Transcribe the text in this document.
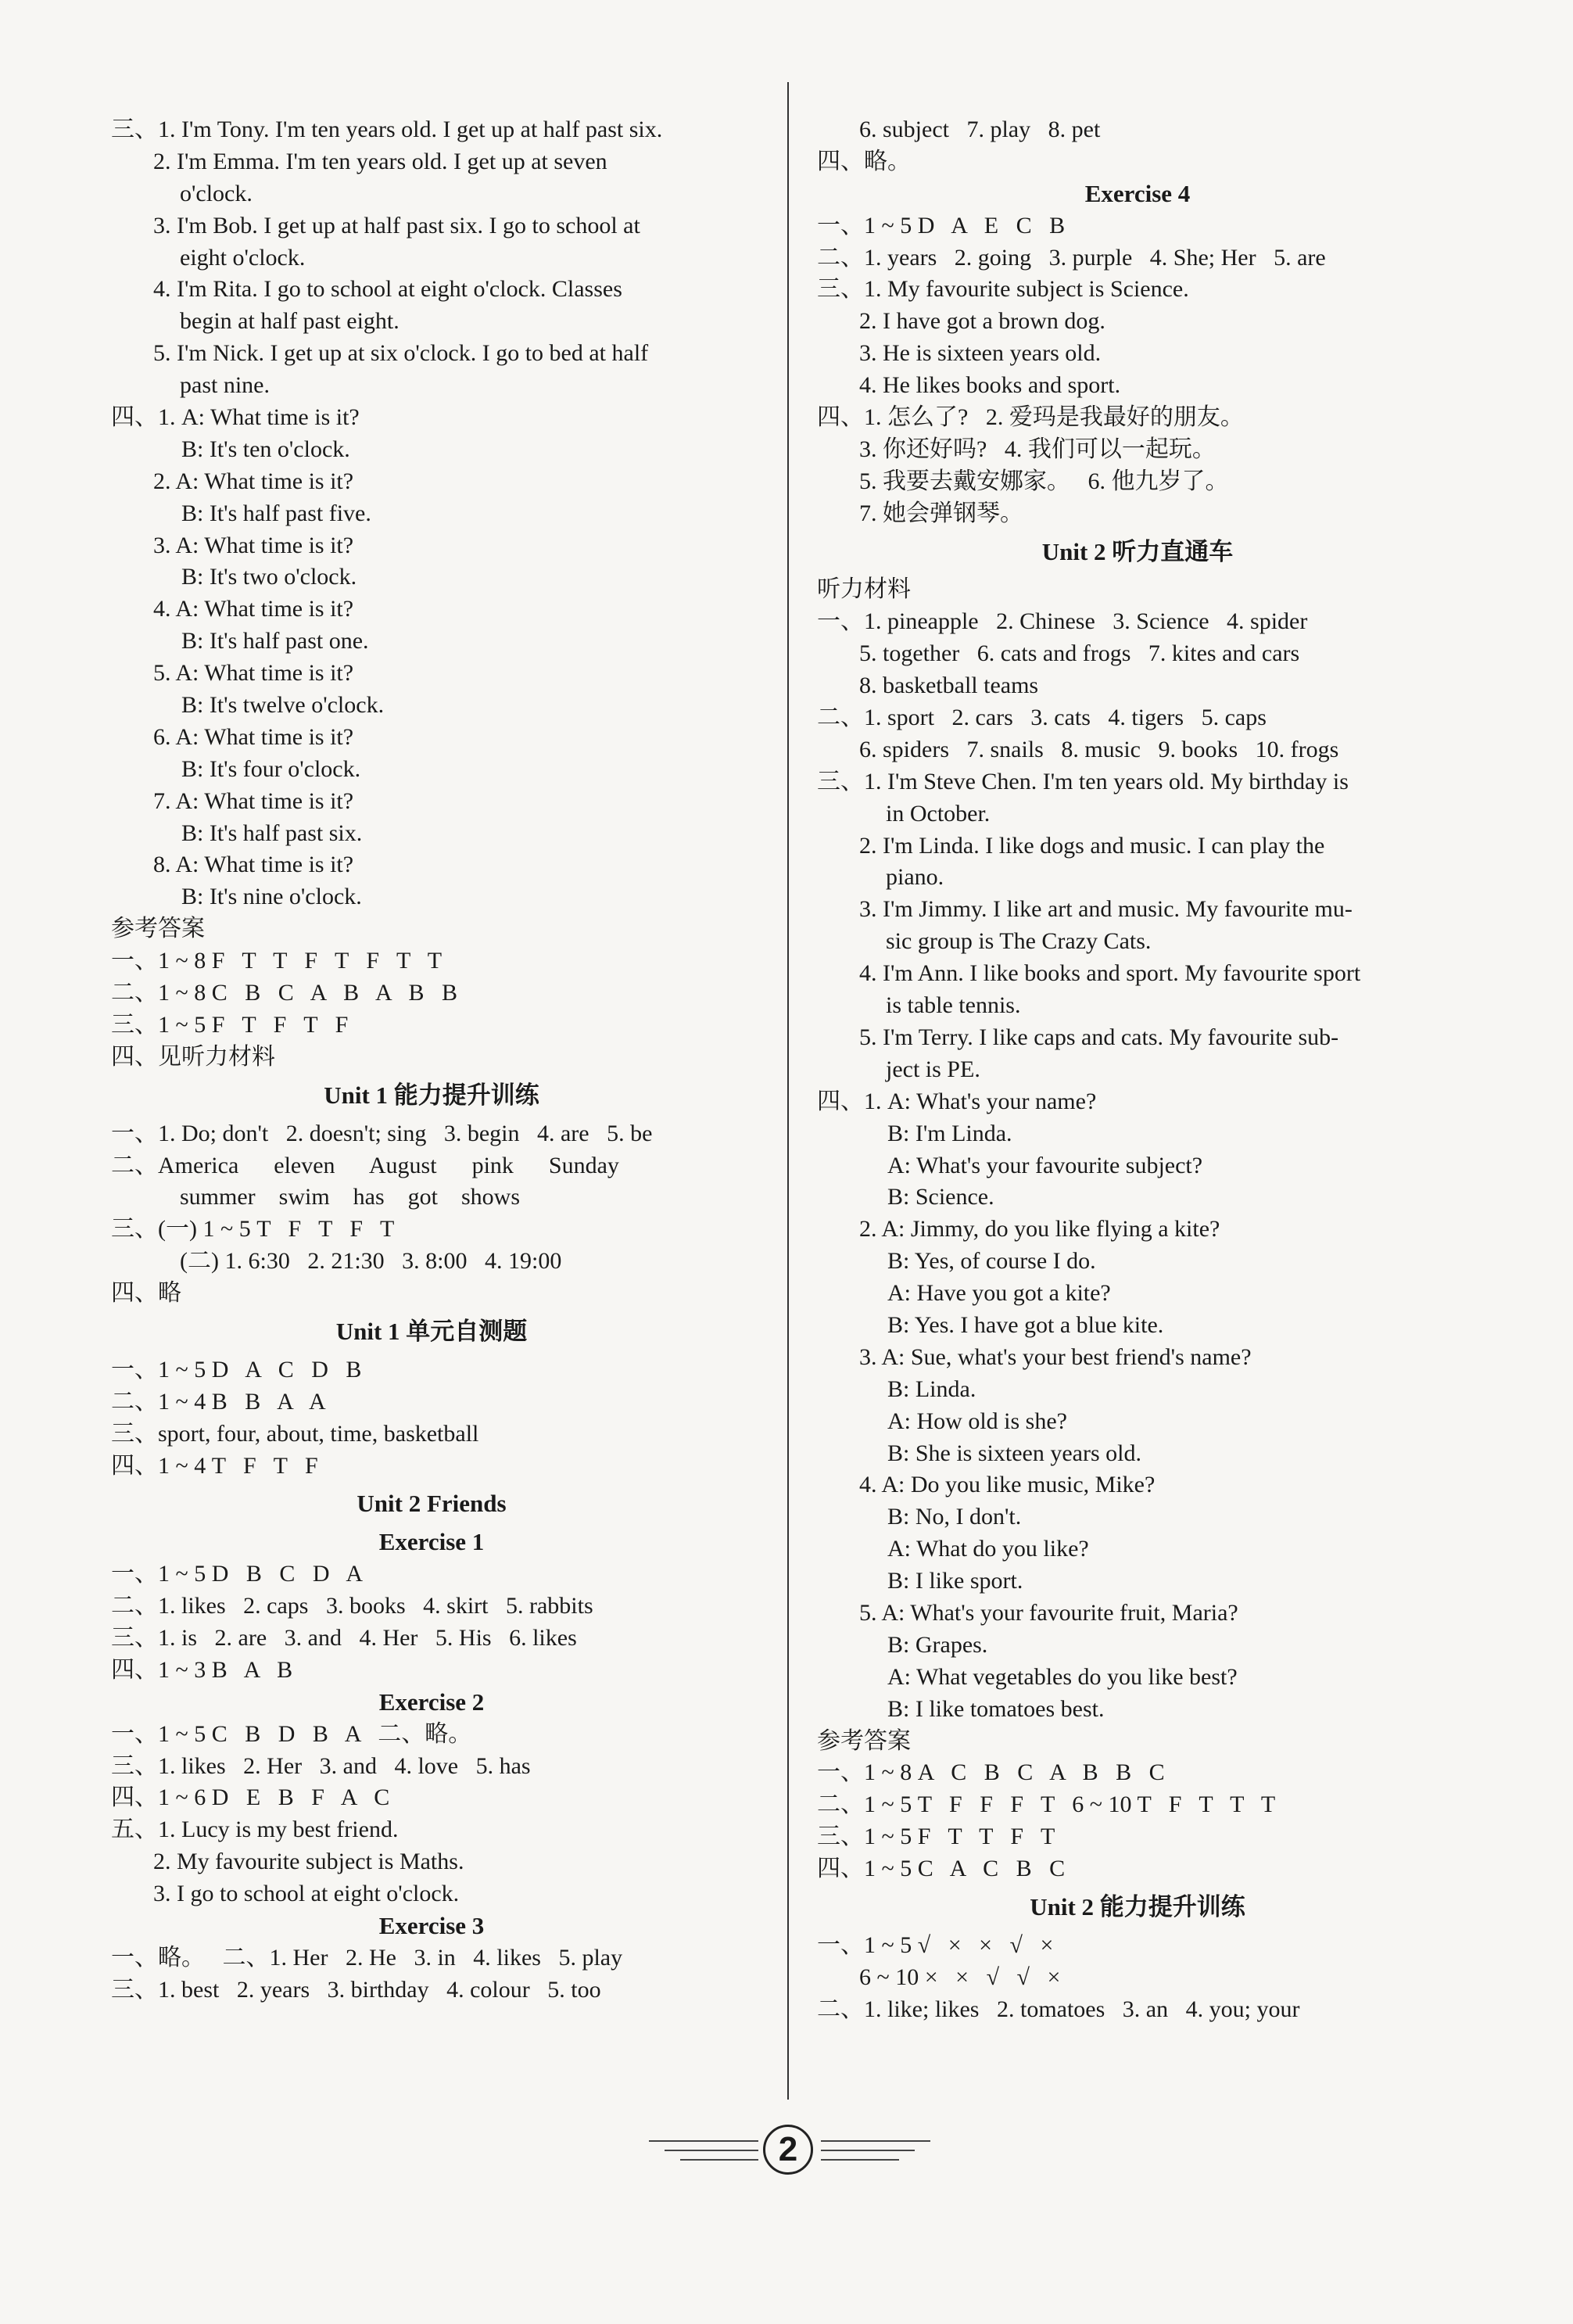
三、1. I'm Tony. I'm ten years old. I get up at half past six.
2. I'm Emma. I'm ten years old. I get up at seven
o'clock.
3. I'm Bob. I get up at half past six. I go to school at
eight o'clock.
4. I'm Rita. I go to school at eight o'clock. Classes
begin at half past eight.
5. I'm Nick. I get up at six o'clock. I go to bed at half
past nine.
四、1. A: What time is it?
B: It's ten o'clock.
2. A: What time is it?
B: It's half past five.
3. A: What time is it?
B: It's two o'clock.
4. A: What time is it?
B: It's half past one.
5. A: What time is it?
B: It's twelve o'clock.
6. A: What time is it?
B: It's four o'clock.
7. A: What time is it?
B: It's half past six.
8. A: What time is it?
B: It's nine o'clock.
参考答案
一、1 ~ 8 F   T   T   F   T   F   T   T
二、1 ~ 8 C   B   C   A   B   A   B   B
三、1 ~ 5 F   T   F   T   F
四、见听力材料
Unit 1 能力提升训练
一、1. Do; don't   2. doesn't; sing   3. begin   4. are   5. be
二、America      eleven      August      pink      Sunday
summer    swim    has    got    shows
三、(一) 1 ~ 5 T   F   T   F   T
(二) 1. 6:30   2. 21:30   3. 8:00   4. 19:00
四、略
Unit 1 单元自测题
一、1 ~ 5 D   A   C   D   B
二、1 ~ 4 B   B   A   A
三、sport, four, about, time, basketball
四、1 ~ 4 T   F   T   F
Unit 2 Friends
Exercise 1
一、1 ~ 5 D   B   C   D   A
二、1. likes   2. caps   3. books   4. skirt   5. rabbits
三、1. is   2. are   3. and   4. Her   5. His   6. likes
四、1 ~ 3 B   A   B
Exercise 2
一、1 ~ 5 C   B   D   B   A   二、略。
三、1. likes   2. Her   3. and   4. love   5. has
四、1 ~ 6 D   E   B   F   A   C
五、1. Lucy is my best friend.
2. My favourite subject is Maths.
3. I go to school at eight o'clock.
Exercise 3
一、略。   二、1. Her   2. He   3. in   4. likes   5. play
三、1. best   2. years   3. birthday   4. colour   5. too
6. subject   7. play   8. pet
四、略。
Exercise 4
一、1 ~ 5 D   A   E   C   B
二、1. years   2. going   3. purple   4. She; Her   5. are
三、1. My favourite subject is Science.
2. I have got a brown dog.
3. He is sixteen years old.
4. He likes books and sport.
四、1. 怎么了?   2. 爱玛是我最好的朋友。
3. 你还好吗?   4. 我们可以一起玩。
5. 我要去戴安娜家。   6. 他九岁了。
7. 她会弹钢琴。
Unit 2 听力直通车
听力材料
一、1. pineapple   2. Chinese   3. Science   4. spider
5. together   6. cats and frogs   7. kites and cars
8. basketball teams
二、1. sport   2. cars   3. cats   4. tigers   5. caps
6. spiders   7. snails   8. music   9. books   10. frogs
三、1. I'm Steve Chen. I'm ten years old. My birthday is
in October.
2. I'm Linda. I like dogs and music. I can play the
piano.
3. I'm Jimmy. I like art and music. My favourite mu-
sic group is The Crazy Cats.
4. I'm Ann. I like books and sport. My favourite sport
is table tennis.
5. I'm Terry. I like caps and cats. My favourite sub-
ject is PE.
四、1. A: What's your name?
B: I'm Linda.
A: What's your favourite subject?
B: Science.
2. A: Jimmy, do you like flying a kite?
B: Yes, of course I do.
A: Have you got a kite?
B: Yes. I have got a blue kite.
3. A: Sue, what's your best friend's name?
B: Linda.
A: How old is she?
B: She is sixteen years old.
4. A: Do you like music, Mike?
B: No, I don't.
A: What do you like?
B: I like sport.
5. A: What's your favourite fruit, Maria?
B: Grapes.
A: What vegetables do you like best?
B: I like tomatoes best.
参考答案
一、1 ~ 8 A   C   B   C   A   B   B   C
二、1 ~ 5 T   F   F   F   T   6 ~ 10 T   F   T   T   T
三、1 ~ 5 F   T   T   F   T
四、1 ~ 5 C   A   C   B   C
Unit 2 能力提升训练
一、1 ~ 5 √   ×   ×   √   ×
6 ~ 10 ×   ×   √   √   ×
二、1. like; likes   2. tomatoes   3. an   4. you; your
2
